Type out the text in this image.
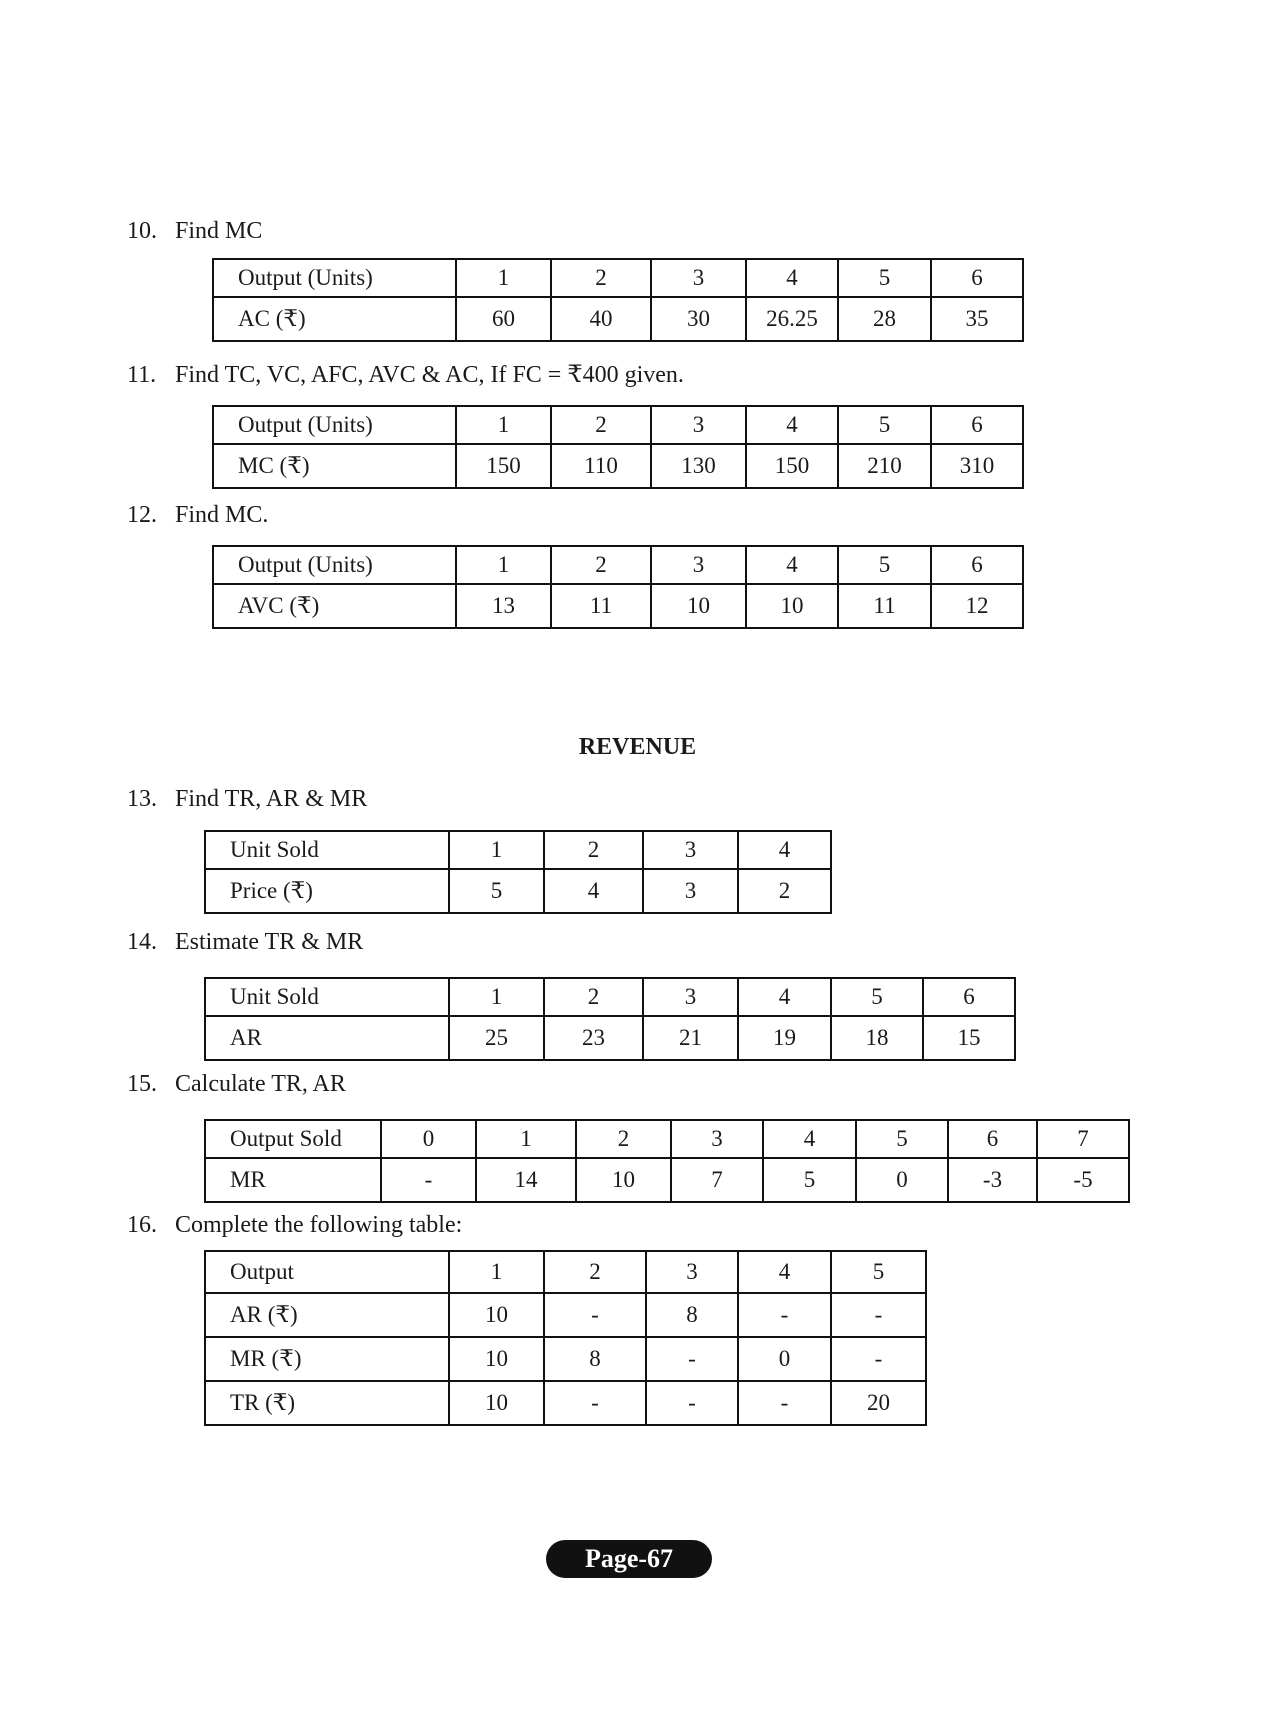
10. Find MC
Output (Units)	1	2	3	4	5	6
AC (₹)	60	40	30	26.25	28	35
11. Find TC, VC, AFC, AVC & AC, If FC = ₹400 given.
Output (Units)	1	2	3	4	5	6
MC (₹)	150	110	130	150	210	310
12. Find MC.
Output (Units)	1	2	3	4	5	6
AVC (₹)	13	11	10	10	11	12
REVENUE
13. Find TR, AR & MR
Unit Sold	1	2	3	4
Price (₹)	5	4	3	2
14. Estimate TR & MR
Unit Sold	1	2	3	4	5	6
AR	25	23	21	19	18	15
15. Calculate TR, AR
Output Sold	0	1	2	3	4	5	6	7
MR	-	14	10	7	5	0	-3	-5
16. Complete the following table:
Output	1	2	3	4	5
AR (₹)	10	-	8	-	-
MR (₹)	10	8	-	0	-
TR (₹)	10	-	-	-	20
Page-67
